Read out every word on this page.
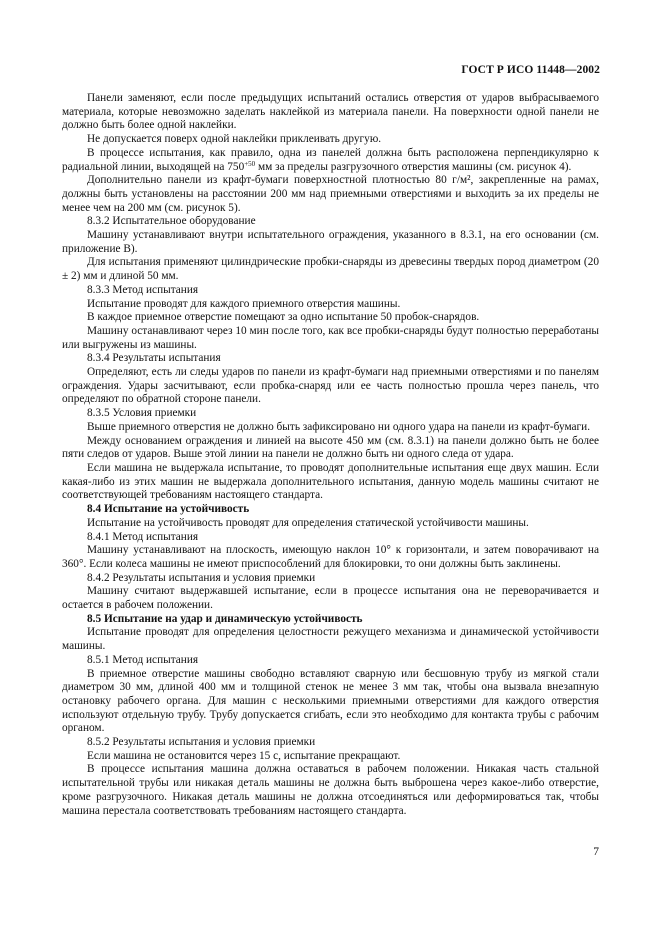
ГОСТ Р ИСО 11448—2002

Панели заменяют, если после предыдущих испытаний остались отверстия от ударов выбрасываемого материала, которые невозможно заделать наклейкой из материала панели. На поверхности одной панели не должно быть более одной наклейки.

Не допускается поверх одной наклейки приклеивать другую.

В процессе испытания, как правило, одна из панелей должна быть расположена перпендикулярно к радиальной линии, выходящей на $750^{+50}$ мм за пределы разгрузочного отверстия машины (см. рисунок 4).

Дополнительно панели из крафт-бумаги поверхностной плотностью 80 г/м², закрепленные на рамах, должны быть установлены на расстоянии 200 мм над приемными отверстиями и выходить за их пределы не менее чем на 200 мм (см. рисунок 5).

8.3.2 Испытательное оборудование

Машину устанавливают внутри испытательного ограждения, указанного в 8.3.1, на его основании (см. приложение В).

Для испытания применяют цилиндрические пробки-снаряды из древесины твердых пород диаметром (20 ± 2) мм и длиной 50 мм.

8.3.3 Метод испытания

Испытание проводят для каждого приемного отверстия машины.

В каждое приемное отверстие помещают за одно испытание 50 пробок-снарядов.

Машину останавливают через 10 мин после того, как все пробки-снаряды будут полностью переработаны или выгружены из машины.

8.3.4 Результаты испытания

Определяют, есть ли следы ударов по панели из крафт-бумаги над приемными отверстиями и по панелям ограждения. Удары засчитывают, если пробка-снаряд или ее часть полностью прошла через панель, что определяют по обратной стороне панели.

8.3.5 Условия приемки

Выше приемного отверстия не должно быть зафиксировано ни одного удара на панели из крафт-бумаги.

Между основанием ограждения и линией на высоте 450 мм (см. 8.3.1) на панели должно быть не более пяти следов от ударов. Выше этой линии на панели не должно быть ни одного следа от удара.

Если машина не выдержала испытание, то проводят дополнительные испытания еще двух машин. Если какая-либо из этих машин не выдержала дополнительного испытания, данную модель машины считают не соответствующей требованиям настоящего стандарта.

8.4 Испытание на устойчивость

Испытание на устойчивость проводят для определения статической устойчивости машины.

8.4.1 Метод испытания

Машину устанавливают на плоскость, имеющую наклон 10° к горизонтали, и затем поворачивают на 360°. Если колеса машины не имеют приспособлений для блокировки, то они должны быть заклинены.

8.4.2 Результаты испытания и условия приемки

Машину считают выдержавшей испытание, если в процессе испытания она не переворачивается и остается в рабочем положении.

8.5 Испытание на удар и динамическую устойчивость

Испытание проводят для определения целостности режущего механизма и динамической устойчивости машины.

8.5.1 Метод испытания

В приемное отверстие машины свободно вставляют сварную или бесшовную трубу из мягкой стали диаметром 30 мм, длиной 400 мм и толщиной стенок не менее 3 мм так, чтобы она вызвала внезапную остановку рабочего органа. Для машин с несколькими приемными отверстиями для каждого отверстия используют отдельную трубу. Трубу допускается сгибать, если это необходимо для контакта трубы с рабочим органом.

8.5.2 Результаты испытания и условия приемки

Если машина не остановится через 15 с, испытание прекращают.

В процессе испытания машина должна оставаться в рабочем положении. Никакая часть стальной испытательной трубы или никакая деталь машины не должна быть выброшена через какое-либо отверстие, кроме разгрузочного. Никакая деталь машины не должна отсоединяться или деформироваться так, чтобы машина перестала соответствовать требованиям настоящего стандарта.

7
